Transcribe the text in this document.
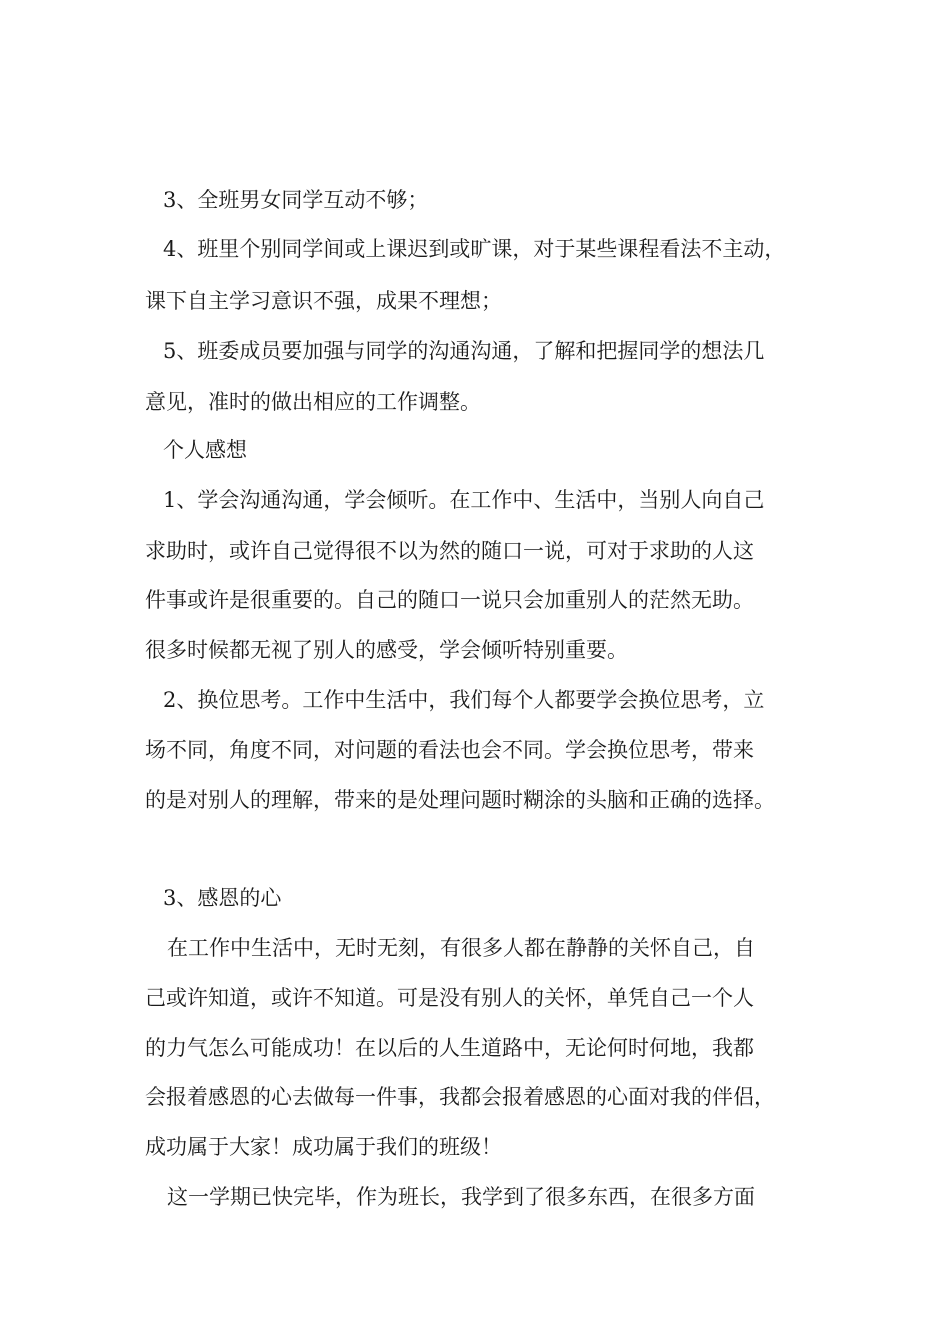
3、全班男女同学互动不够；
4、班里个别同学间或上课迟到或旷课，对于某些课程看法不主动，
课下自主学习意识不强，成果不理想；
5、班委成员要加强与同学的沟通沟通，了解和把握同学的想法几
意见，准时的做出相应的工作调整。
个人感想
1、学会沟通沟通，学会倾听。在工作中、生活中，当别人向自己
求助时，或许自己觉得很不以为然的随口一说，可对于求助的人这
件事或许是很重要的。自己的随口一说只会加重别人的茫然无助。
很多时候都无视了别人的感受，学会倾听特别重要。
2、换位思考。工作中生活中，我们每个人都要学会换位思考，立
场不同，角度不同，对问题的看法也会不同。学会换位思考，带来
的是对别人的理解，带来的是处理问题时糊涂的头脑和正确的选择。
3、感恩的心
在工作中生活中，无时无刻，有很多人都在静静的关怀自己，自
己或许知道，或许不知道。可是没有别人的关怀，单凭自己一个人
的力气怎么可能成功！在以后的人生道路中，无论何时何地，我都
会报着感恩的心去做每一件事，我都会报着感恩的心面对我的伴侣，
成功属于大家！成功属于我们的班级！
这一学期已快完毕，作为班长，我学到了很多东西，在很多方面
